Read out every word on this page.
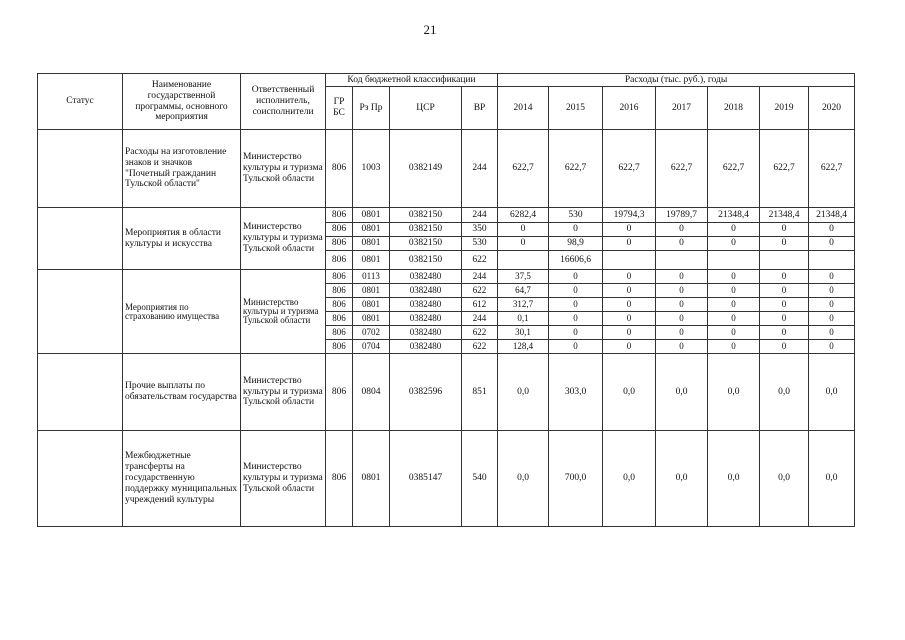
21
Статус	Наименование государственной программы, основного мероприятия	Ответственный исполнитель, соисполнители	Код бюджетной классификации				Расходы (тыс. руб.), годы						
			ГР БС	Рз Пр	ЦСР	ВР	2014	2015	2016	2017	2018	2019	2020
	Расходы на изготовление знаков и значков "Почетный гражданин Тульской области"	Министерство культуры и туризма Тульской области	806	1003	0382149	244	622,7	622,7	622,7	622,7	622,7	622,7	622,7
	Мероприятия в области культуры и искусства	Министерство культуры и туризма Тульской области	806	0801	0382150	244	6282,4	530	19794,3	19789,7	21348,4	21348,4	21348,4
			806	0801	0382150	350	0	0	0	0	0	0	0
			806	0801	0382150	530	0	98,9	0	0	0	0	0
			806	0801	0382150	622		16606,6					
	Мероприятия по страхованию имущества	Министерство культуры и туризма Тульской области	806	0113	0382480	244	37,5	0	0	0	0	0	0
			806	0801	0382480	622	64,7	0	0	0	0	0	0
			806	0801	0382480	612	312,7	0	0	0	0	0	0
			806	0801	0382480	244	0,1	0	0	0	0	0	0
			806	0702	0382480	622	30,1	0	0	0	0	0	0
			806	0704	0382480	622	128,4	0	0	0	0	0	0
	Прочие выплаты по обязательствам государства	Министерство культуры и туризма Тульской области	806	0804	0382596	851	0,0	303,0	0,0	0,0	0,0	0,0	0,0
	Межбюджетные трансферты на государственную поддержку муниципальных учреждений культуры	Министерство культуры и туризма Тульской области	806	0801	0385147	540	0,0	700,0	0,0	0,0	0,0	0,0	0,0
